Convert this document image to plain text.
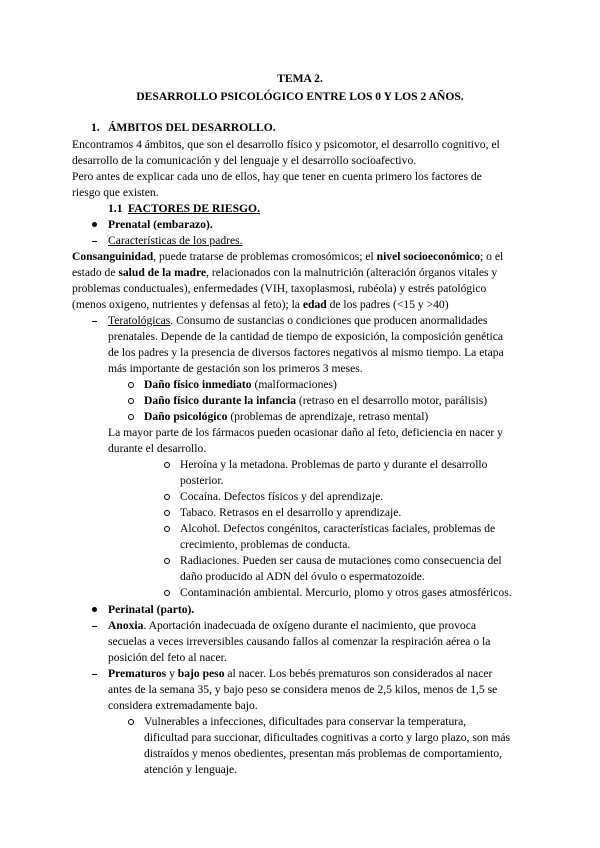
TEMA 2.
DESARROLLO PSICOLÓGICO ENTRE LOS 0 Y LOS 2 AÑOS.
1. ÁMBITOS DEL DESARROLLO.
Encontramos 4 ámbitos, que son el desarrollo físico y psicomotor, el desarrollo cognitivo, el
desarrollo de la comunicación y del lenguaje y el desarrollo socioafectivo.
Pero antes de explicar cada uno de ellos, hay que tener en cuenta primero los factores de
riesgo que existen.
1.1 FACTORES DE RIESGO.
Prenatal (embarazo).
Características de los padres.
Consanguinidad, puede tratarse de problemas cromosómicos; el nivel socioeconómico; o el
estado de salud de la madre, relacionados con la malnutrición (alteración órganos vitales y
problemas conductuales), enfermedades (VIH, taxoplasmosi, rubéola) y estrés patológico
(menos oxigeno, nutrientes y defensas al feto); la edad de los padres (<15 y >40)
Teratológicas. Consumo de sustancias o condiciones que producen anormalidades
prenatales. Depende de la cantidad de tiempo de exposición, la composición genética
de los padres y la presencia de diversos factores negativos al mismo tiempo. La etapa
más importante de gestación son los primeros 3 meses.
Daño físico inmediato (malformaciones)
Daño físico durante la infancia (retraso en el desarrollo motor, parálisis)
Daño psicológico (problemas de aprendizaje, retraso mental)
La mayor parte de los fármacos pueden ocasionar daño al feto, deficiencia en nacer y
durante el desarrollo.
Heroína y la metadona. Problemas de parto y durante el desarrollo
posterior.
Cocaína. Defectos físicos y del aprendizaje.
Tabaco. Retrasos en el desarrollo y aprendizaje.
Alcohol. Defectos congénitos, características faciales, problemas de
crecimiento, problemas de conducta.
Radiaciones. Pueden ser causa de mutaciones como consecuencia del
daño producido al ADN del óvulo o espermatozoide.
Contaminación ambiental. Mercurio, plomo y otros gases atmosféricos.
Perinatal (parto).
Anoxia. Aportación inadecuada de oxígeno durante el nacimiento, que provoca
secuelas a veces irreversibles causando fallos al comenzar la respiración aérea o la
posición del feto al nacer.
Prematuros y bajo peso al nacer. Los bebés prematuros son considerados al nacer
antes de la semana 35, y bajo peso se considera menos de 2,5 kilos, menos de 1,5 se
considera extremadamente bajo.
Vulnerables a infecciones, dificultades para conservar la temperatura,
dificultad para succionar, dificultades cognitivas a corto y largo plazo, son más
distraídos y menos obedientes, presentan más problemas de comportamiento,
atención y lenguaje.
